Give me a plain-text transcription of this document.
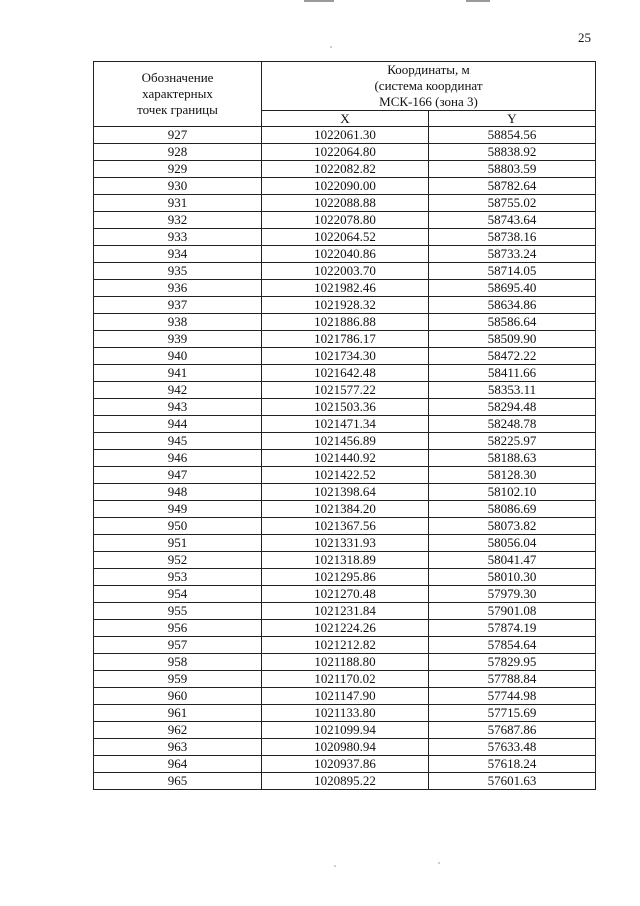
25
Обозначение
характерных
точек границы	Координаты, м
(система координат
МСК-166 (зона 3)	
	X	Y
927	1022061.30	58854.56
928	1022064.80	58838.92
929	1022082.82	58803.59
930	1022090.00	58782.64
931	1022088.88	58755.02
932	1022078.80	58743.64
933	1022064.52	58738.16
934	1022040.86	58733.24
935	1022003.70	58714.05
936	1021982.46	58695.40
937	1021928.32	58634.86
938	1021886.88	58586.64
939	1021786.17	58509.90
940	1021734.30	58472.22
941	1021642.48	58411.66
942	1021577.22	58353.11
943	1021503.36	58294.48
944	1021471.34	58248.78
945	1021456.89	58225.97
946	1021440.92	58188.63
947	1021422.52	58128.30
948	1021398.64	58102.10
949	1021384.20	58086.69
950	1021367.56	58073.82
951	1021331.93	58056.04
952	1021318.89	58041.47
953	1021295.86	58010.30
954	1021270.48	57979.30
955	1021231.84	57901.08
956	1021224.26	57874.19
957	1021212.82	57854.64
958	1021188.80	57829.95
959	1021170.02	57788.84
960	1021147.90	57744.98
961	1021133.80	57715.69
962	1021099.94	57687.86
963	1020980.94	57633.48
964	1020937.86	57618.24
965	1020895.22	57601.63
